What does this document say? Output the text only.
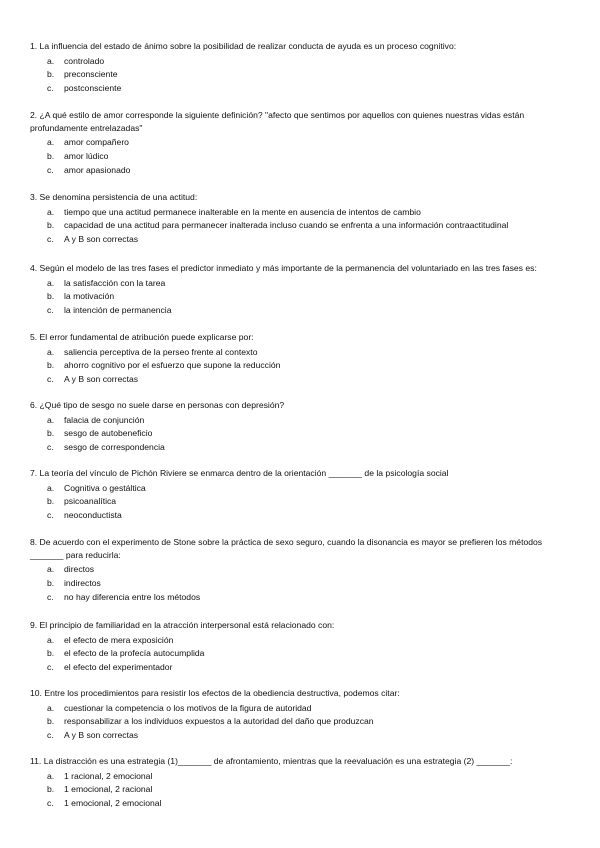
1. La influencia del estado de ánimo sobre la posibilidad de realizar conducta de ayuda es un proceso cognitivo:

a. controlado
b. preconsciente
c. postconsciente

2. ¿A qué estilo de amor corresponde la siguiente definición? "afecto que sentimos por aquellos con quienes nuestras vidas están profundamente entrelazadas"

a. amor compañero
b. amor lúdico
c. amor apasionado

3. Se denomina persistencia de una actitud:

a. tiempo que una actitud permanece inalterable en la mente en ausencia de intentos de cambio
b. capacidad de una actitud para permanecer inalterada incluso cuando se enfrenta a una información contraactitudinal
c. A y B son correctas

4. Según el modelo de las tres fases el predictor inmediato y más importante de la permanencia del voluntariado en las tres fases es:

a. la satisfacción con la tarea
b. la motivación
c. la intención de permanencia

5. El error fundamental de atribución puede explicarse por:

a. saliencia perceptiva de la perseo frente al contexto
b. ahorro cognitivo por el esfuerzo que supone la reducción
c. A y B son correctas

6. ¿Qué tipo de sesgo no suele darse en personas con depresión?

a. falacia de conjunción
b. sesgo de autobeneficio
c. sesgo de correspondencia

7. La teoría del vínculo de Pichón Riviere se enmarca dentro de la orientación _______ de la psicología social

a. Cognitiva o gestáltica
b. psicoanalítica
c. neoconductista

8. De acuerdo con el experimento de Stone sobre la práctica de sexo seguro, cuando la disonancia es mayor se prefieren los métodos _______ para reducirla:

a. directos
b. indirectos
c. no hay diferencia entre los métodos

9. El principio de familiaridad en la atracción interpersonal está relacionado con:

a. el efecto de mera exposición
b. el efecto de la profecía autocumplida
c. el efecto del experimentador

10. Entre los procedimientos para resistir los efectos de la obediencia destructiva, podemos citar:

a. cuestionar la competencia o los motivos de la figura de autoridad
b. responsabilizar a los individuos expuestos a la autoridad del daño que produzcan
c. A y B son correctas

11. La distracción es una estrategia (1)_______ de afrontamiento, mientras que la reevaluación es una estrategia (2) _______:

a. 1 racional, 2 emocional
b. 1 emocional, 2 racional
c. 1 emocional, 2 emocional
